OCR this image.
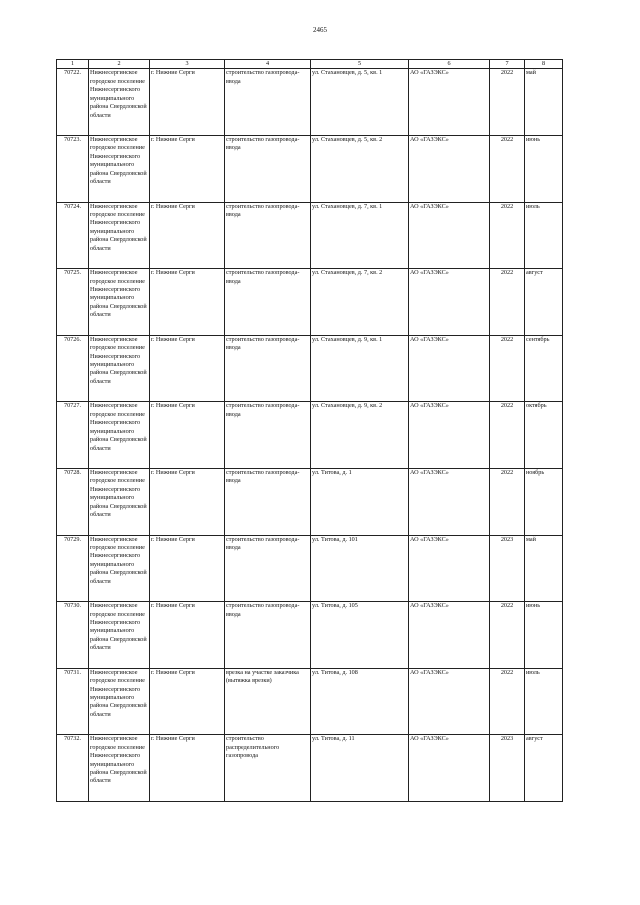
2465
1	2	3	4	5	6	7	8
70722.	Нижнесергинское городское поселение Нижнесергинского муниципального района Свердловской области	г. Нижние Серги	строительство газопровода-ввода	ул. Стахановцев, д. 5, кв. 1	АО «ГАЗЭКС»	2022	май
70723.	Нижнесергинское городское поселение Нижнесергинского муниципального района Свердловской области	г. Нижние Серги	строительство газопровода-ввода	ул. Стахановцев, д. 5, кв. 2	АО «ГАЗЭКС»	2022	июнь
70724.	Нижнесергинское городское поселение Нижнесергинского муниципального района Свердловской области	г. Нижние Серги	строительство газопровода-ввода	ул. Стахановцев, д. 7, кв. 1	АО «ГАЗЭКС»	2022	июль
70725.	Нижнесергинское городское поселение Нижнесергинского муниципального района Свердловской области	г. Нижние Серги	строительство газопровода-ввода	ул. Стахановцев, д. 7, кв. 2	АО «ГАЗЭКС»	2022	август
70726.	Нижнесергинское городское поселение Нижнесергинского муниципального района Свердловской области	г. Нижние Серги	строительство газопровода-ввода	ул. Стахановцев, д. 9, кв. 1	АО «ГАЗЭКС»	2022	сентябрь
70727.	Нижнесергинское городское поселение Нижнесергинского муниципального района Свердловской области	г. Нижние Серги	строительство газопровода-ввода	ул. Стахановцев, д. 9, кв. 2	АО «ГАЗЭКС»	2022	октябрь
70728.	Нижнесергинское городское поселение Нижнесергинского муниципального района Свердловской области	г. Нижние Серги	строительство газопровода-ввода	ул. Титова, д. 1	АО «ГАЗЭКС»	2022	ноябрь
70729.	Нижнесергинское городское поселение Нижнесергинского муниципального района Свердловской области	г. Нижние Серги	строительство газопровода-ввода	ул. Титова, д. 101	АО «ГАЗЭКС»	2023	май
70730.	Нижнесергинское городское поселение Нижнесергинского муниципального района Свердловской области	г. Нижние Серги	строительство газопровода-ввода	ул. Титова, д. 105	АО «ГАЗЭКС»	2022	июнь
70731.	Нижнесергинское городское поселение Нижнесергинского муниципального района Свердловской области	г. Нижние Серги	врезка на участке заказчика (вытяжка врезки)	ул. Титова, д. 108	АО «ГАЗЭКС»	2022	июль
70732.	Нижнесергинское городское поселение Нижнесергинского муниципального района Свердловской области	г. Нижние Серги	строительство распределительного газопровода	ул. Титова, д. 11	АО «ГАЗЭКС»	2023	август
